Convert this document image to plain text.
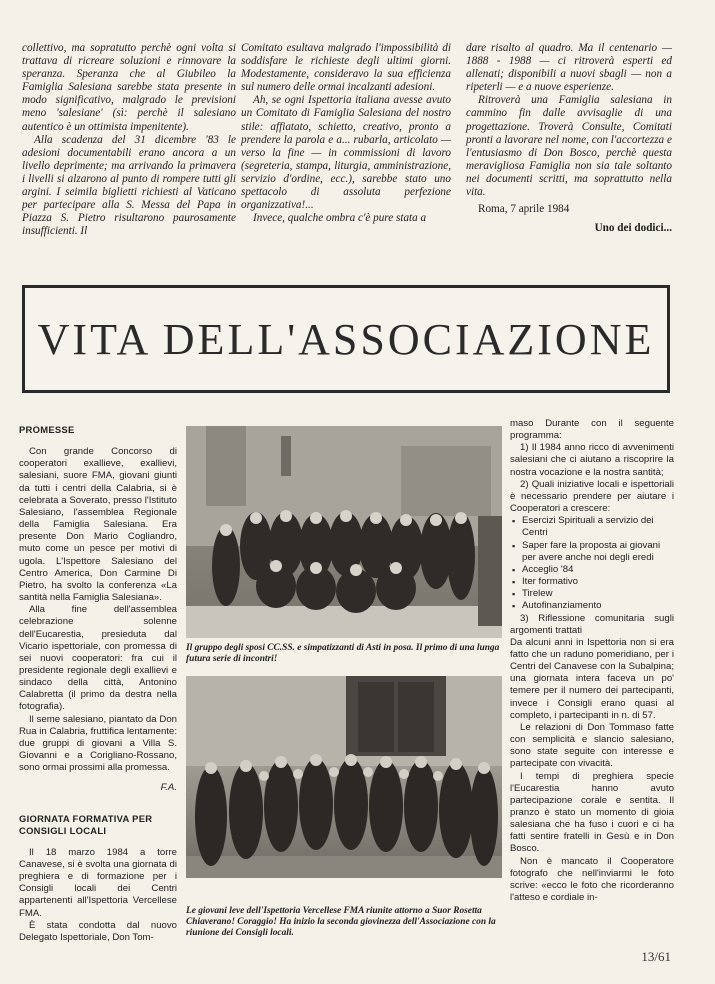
collettivo, ma sopratutto perchè ogni volta si trattava di ricreare soluzioni e rinnovare la speranza. Speranza che al Giubileo la Famiglia Salesiana sarebbe stata presente in modo significativo, malgrado le previsioni meno 'salesiane' (sì: perchè il salesiano autentico è un ottimista impenitente).

Alla scadenza del 31 dicembre '83 le adesioni documentabili erano ancora a un livello deprimente; ma arrivando la primavera i livelli si alzarono al punto di rompere tutti gli argini. I seimila biglietti richiesti al Vaticano per partecipare alla S. Messa del Papa in Piazza S. Pietro risultarono paurosamente insufficienti. Il

Comitato esultava malgrado l'impossibilità di soddisfare le richieste degli ultimi giorni. Modestamente, consideravo la sua efficienza sul numero delle ormai incalzanti adesioni.

Ah, se ogni Ispettoria italiana avesse avuto un Comitato di Famiglia Salesiana del nostro stile: affiatato, schietto, creativo, pronto a prendere la parola e a... rubarla, articolato — verso la fine — in commissioni di lavoro (segreteria, stampa, liturgia, amministrazione, servizio d'ordine, ecc.), sarebbe stato uno spettacolo di assoluta perfezione organizzativa!...

Invece, qualche ombra c'è pure stata a

dare risalto al quadro. Ma il centenario — 1888 - 1988 — ci ritroverà esperti ed allenati; disponibili a nuovi sbagli — non a ripeterli — e a nuove esperienze.

Ritroverà una Famiglia salesiana in cammino fin dalle avvisaglie di una progettazione. Troverà Consulte, Comitati pronti a lavorare nel nome, con l'accortezza e l'entusiasmo di Don Bosco, perchè questa meravigliosa Famiglia non sia tale soltanto nei documenti scritti, ma soprattutto nella vita.

Roma, 7 aprile 1984

Uno dei dodici...

VITA DELL'ASSOCIAZIONE

PROMESSE

Con grande Concorso di cooperatori exallieve, exallievi, salesiani, suore FMA, giovani giunti da tutti i centri della Calabria, si è celebrata a Soverato, presso l'Istituto Salesiano, l'assemblea Regionale della Famiglia Salesiana. Era presente Don Mario Cogliandro, muto come un pesce per motivi di ugola. L'Ispettore Salesiano del Centro America, Don Carmine Di Pietro, ha svolto la conferenza «La santità nella Famiglia Salesiana».

Alla fine dell'assemblea celebrazione solenne dell'Eucarestia, presieduta dal Vicario ispettoriale, con promessa di sei nuovi cooperatori: fra cui il presidente regionale degli exallievi e sindaco della città, Antonino Calabretta (il primo da destra nella fotografia).

Il seme salesiano, piantato da Don Rua in Calabria, fruttifica lentamente: due gruppi di giovani a Villa S. Giovanni e a Corigliano-Rossano, sono ormai prossimi alla promessa.

F.A.

GIORNATA FORMATIVA PER CONSIGLI LOCALI

Il 18 marzo 1984 a torre Canavese, si è svolta una giornata di preghiera e di formazione per i Consigli locali dei Centri appartenenti all'Ispettoria Vercellese FMA.

È stata condotta dal nuovo Delegato Ispettoriale, Don Tom-

Il gruppo degli sposi CC.SS. e simpatizzanti di Asti in posa. Il primo di una lunga futura serie di incontri!

Le giovani leve dell'Ispettoria Vercellese FMA riunite attorno a Suor Rosetta Chiaverano! Coraggio! Ha inizio la seconda giovinezza dell'Associazione con la riunione dei Consigli locali.

maso Durante con il seguente programma:

1) Il 1984 anno ricco di avvenimenti salesiani che ci aiutano a riscoprire la nostra vocazione e la nostra santità;

2) Quali iniziative locali e ispettoriali è necessario prendere per aiutare i Cooperatori a crescere:

▪ Esercizi Spirituali a servizio dei Centri

▪ Saper fare la proposta ai giovani per avere anche noi degli eredi

▪ Acceglio '84

▪ Iter formativo

▪ Tirelew

▪ Autofinanziamento

3) Riflessione comunitaria sugli argomenti trattati

Da alcuni anni in Ispettoria non si era fatto che un raduno pomeridiano, per i Centri del Canavese con la Subalpina; una giornata intera faceva un po' temere per il numero dei partecipanti, invece i Consigli erano quasi al completo, i partecipanti in n. di 57.

Le relazioni di Don Tommaso fatte con semplicità e slancio salesiano, sono state seguite con interesse e partecipate con vivacità.

I tempi di preghiera specie l'Eucarestia hanno avuto partecipazione corale e sentita. Il pranzo è stato un momento di gioia salesiana che ha fuso i cuori e ci ha fatti sentire fratelli in Gesù e in Don Bosco.

Non è mancato il Cooperatore fotografo che nell'inviarmi le foto scrive: «ecco le foto che ricorderanno l'atteso e cordiale in-

13/61
